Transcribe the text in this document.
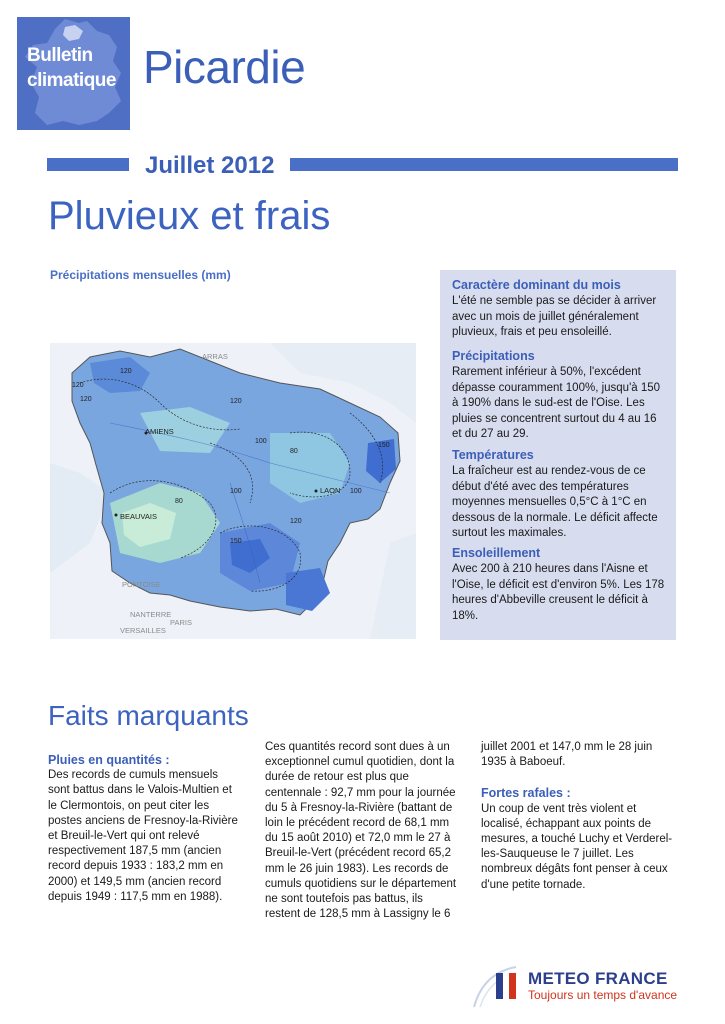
Bulletin
climatique Picardie
Juillet 2012
Pluvieux et frais
Précipitations mensuelles (mm)
120
120
120	120
150
150
100
100
80
80
100
120
ARRAS
AMIENS
BEAUVAIS
LAON
PONTOISE
NANTERRE
PARIS
VERSAILLES
Caractère dominant du mois
L'été ne semble pas se décider à arriver avec un mois de juillet généralement pluvieux, frais et peu ensoleillé.
Précipitations
Rarement inférieur à 50%, l'excédent dépasse couramment 100%, jusqu'à 150 à 190% dans le sud-est de l'Oise. Les pluies se concentrent surtout du 4 au 16 et du 27 au 29.
Températures
La fraîcheur est au rendez-vous de ce début d'été avec des températures moyennes mensuelles 0,5°C à 1°C en dessous de la normale. Le déficit affecte surtout les maximales.
Ensoleillement
Avec 200 à 210 heures dans l'Aisne et l'Oise, le déficit est d'environ 5%. Les 178 heures d'Abbeville creusent le déficit à 18%.
Faits marquants
Pluies en quantités :
Des records de cumuls mensuels sont battus dans le Valois-Multien et le Clermontois, on peut citer les postes anciens de Fresnoy-la-Rivière et Breuil-le-Vert qui ont relevé respectivement 187,5 mm (ancien record depuis 1933 : 183,2 mm en 2000) et 149,5 mm (ancien record depuis 1949 : 117,5 mm en 1988).
Ces quantités record sont dues à un exceptionnel cumul quotidien, dont la durée de retour est plus que centennale : 92,7 mm pour la journée du 5 à Fresnoy-la-Rivière (battant de loin le précédent record de 68,1 mm du 15 août 2010) et 72,0 mm le 27 à Breuil-le-Vert (précédent record 65,2 mm le 26 juin 1983). Les records de cumuls quotidiens sur le département ne sont toutefois pas battus, ils restent de 128,5 mm à Lassigny le 6
juillet 2001 et 147,0 mm le 28 juin 1935 à Baboeuf.
Fortes rafales :
Un coup de vent très violent et localisé, échappant aux points de mesures, a touché Luchy et Verderel-les-Sauqueuse le 7 juillet. Les nombreux dégâts font penser à ceux d'une petite tornade.
METEO FRANCE
Toujours un temps d'avance
